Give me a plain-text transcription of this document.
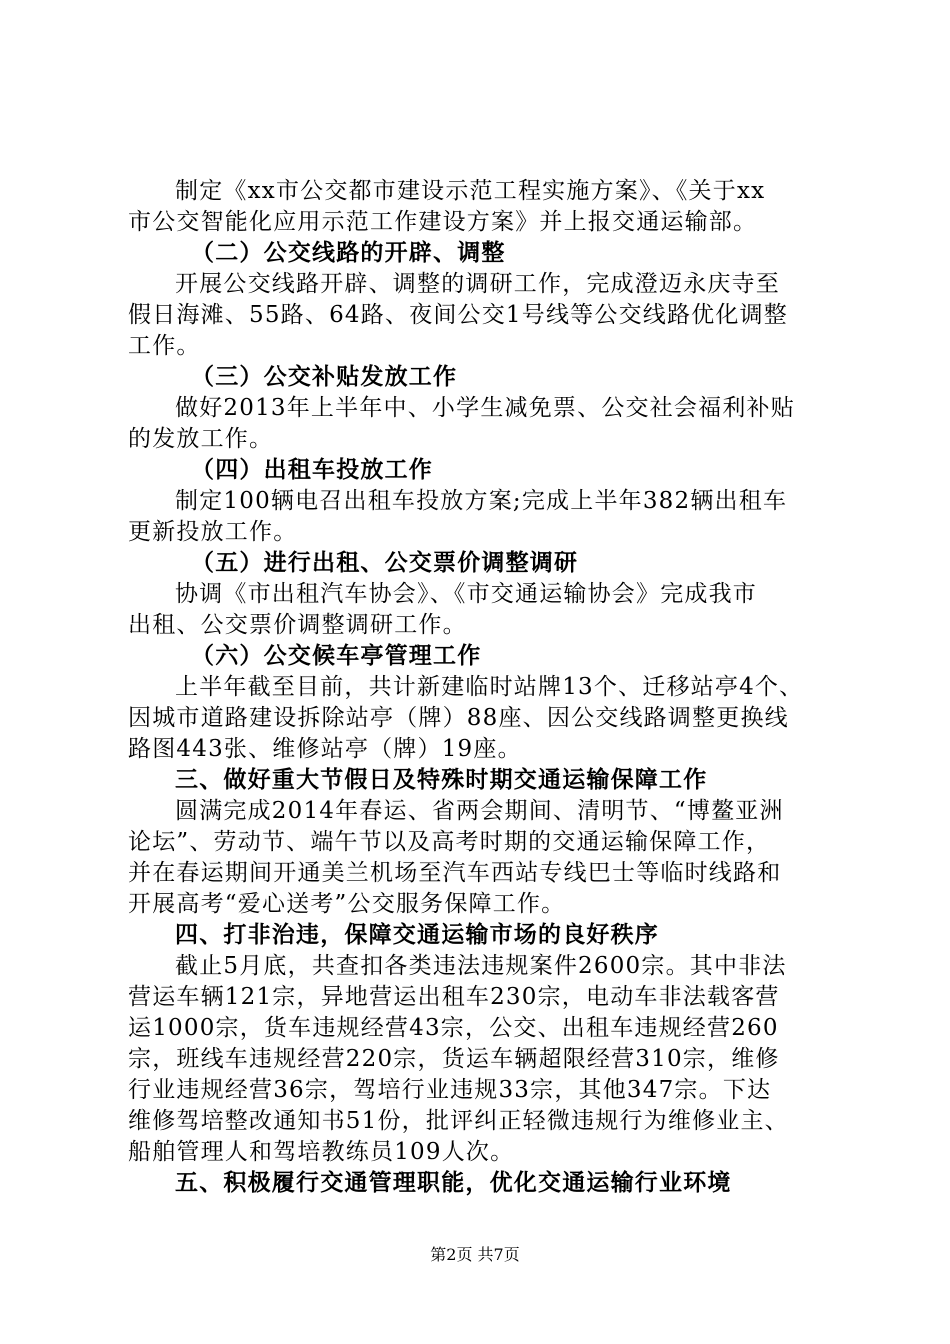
制定《xx市公交都市建设示范工程实施方案》、《关于xx
市公交智能化应用示范工作建设方案》并上报交通运输部。
（二）公交线路的开辟、调整
开展公交线路开辟、调整的调研工作，完成澄迈永庆寺至
假日海滩、55路、64路、夜间公交1号线等公交线路优化调整
工作。
（三）公交补贴发放工作
做好2013年上半年中、小学生减免票、公交社会福利补贴
的发放工作。
（四）出租车投放工作
制定100辆电召出租车投放方案;完成上半年382辆出租车
更新投放工作。
（五）进行出租、公交票价调整调研
协调《市出租汽车协会》、《市交通运输协会》完成我市
出租、公交票价调整调研工作。
（六）公交候车亭管理工作
上半年截至目前，共计新建临时站牌13个、迁移站亭4个、
因城市道路建设拆除站亭（牌）88座、因公交线路调整更换线
路图443张、维修站亭（牌）19座。
三、做好重大节假日及特殊时期交通运输保障工作
圆满完成2014年春运、省两会期间、清明节、“博鳌亚洲
论坛”、劳动节、端午节以及高考时期的交通运输保障工作，
并在春运期间开通美兰机场至汽车西站专线巴士等临时线路和
开展高考“爱心送考”公交服务保障工作。
四、打非治违，保障交通运输市场的良好秩序
截止5月底，共查扣各类违法违规案件2600宗。其中非法
营运车辆121宗，异地营运出租车230宗，电动车非法载客营
运1000宗，货车违规经营43宗，公交、出租车违规经营260
宗，班线车违规经营220宗，货运车辆超限经营310宗，维修
行业违规经营36宗，驾培行业违规33宗，其他347宗。下达
维修驾培整改通知书51份，批评纠正轻微违规行为维修业主、
船舶管理人和驾培教练员109人次。
五、积极履行交通管理职能，优化交通运输行业环境
第2页 共7页
